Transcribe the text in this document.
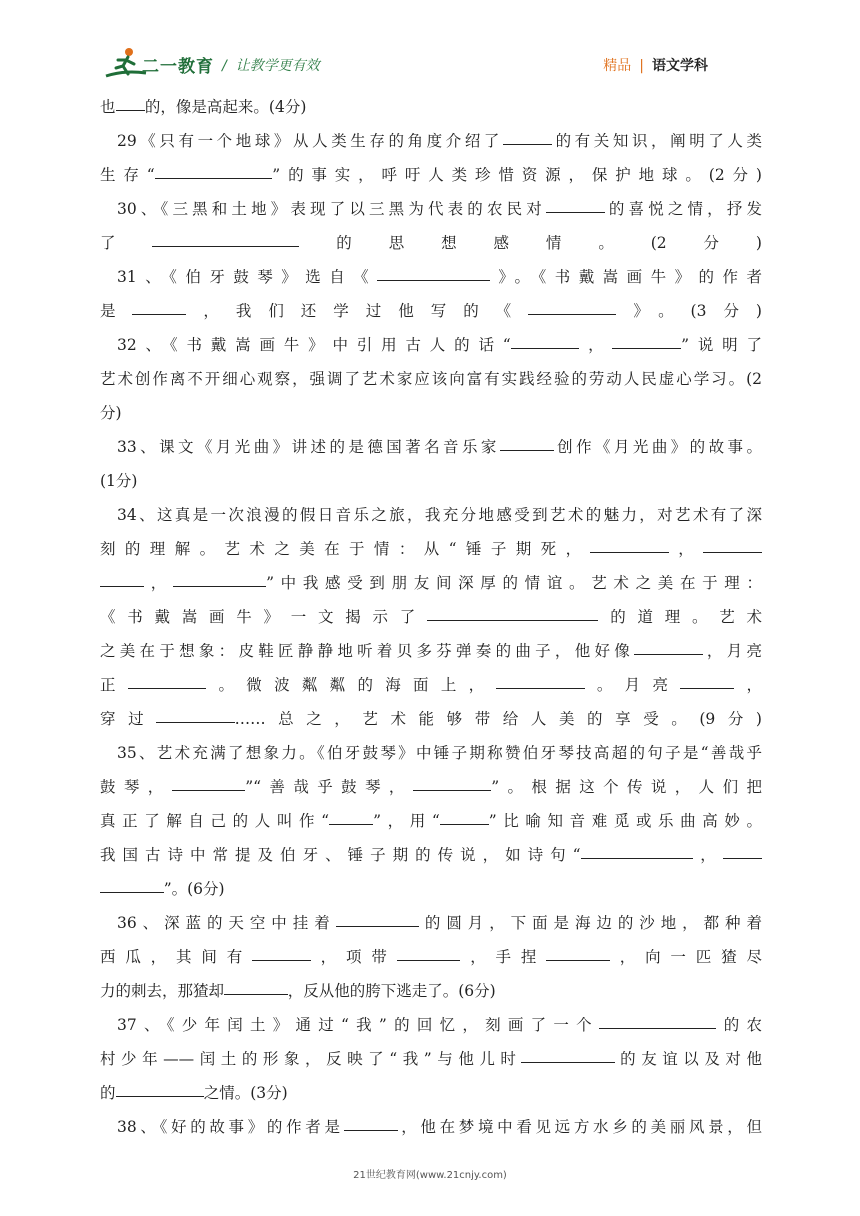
二一教育 / 让教学更有效	精品 | 语文学科
也 的，像是高起来。(4分)
29《只有一个地球》从人类生存的角度介绍了	的有关知识，阐明了人类
生存“	”的事实，呼吁人类珍惜资源，保护地球。(2分)
30、《三黑和土地》表现了以三黑为代表的农民对	的喜悦之情，抒发
了	的思想感情。(2分)
31、《伯牙鼓琴》选自《	》。《书戴嵩画牛》的作者
是	，我们还学过他写的《	》。(3分)
32、《书戴嵩画牛》中引用古人的话“	，	”说明了
艺术创作离不开细心观察，强调了艺术家应该向富有实践经验的劳动人民虚心学习。(2
分)
33、课文《月光曲》讲述的是德国著名音乐家	创作《月光曲》的故事。
(1分)
34、这真是一次浪漫的假日音乐之旅，我充分地感受到艺术的魅力，对艺术有了深
刻的理解。艺术之美在于情：从“锤子期死，	，
，	”中我感受到朋友间深厚的情谊。艺术之美在于理：
《书戴嵩画牛》一文揭示了	的道理。艺术
之美在于想象：皮鞋匠静静地听着贝多芬弹奏的曲子，他好像	，月亮
正	。微波粼粼的海面上，	。月亮	，
穿过	……总之，艺术能够带给人美的享受。(9分)
35、艺术充满了想象力。《伯牙鼓琴》中锤子期称赞伯牙琴技高超的句子是“善哉乎
鼓琴，	”“善哉乎鼓琴，	”。根据这个传说，人们把
真正了解自己的人叫作“	”，用“	”比喻知音难觅或乐曲高妙。
我国古诗中常提及伯牙、锤子期的传说，如诗句“	，
”。(6分)
36、深蓝的天空中挂着	的圆月，下面是海边的沙地，都种着
西瓜，其间有	，项带	，手捏	，向一匹猹尽
力的刺去，那猹却	，反从他的胯下逃走了。(6分)
37、《少年闰土》通过“我”的回忆，刻画了一个	的农
村少年——闰土的形象，反映了“我”与他儿时	的友谊以及对他
的	之情。(3分)
38、《好的故事》的作者是	，他在梦境中看见远方水乡的美丽风景，但
21世纪教育网(www.21cnjy.com)
